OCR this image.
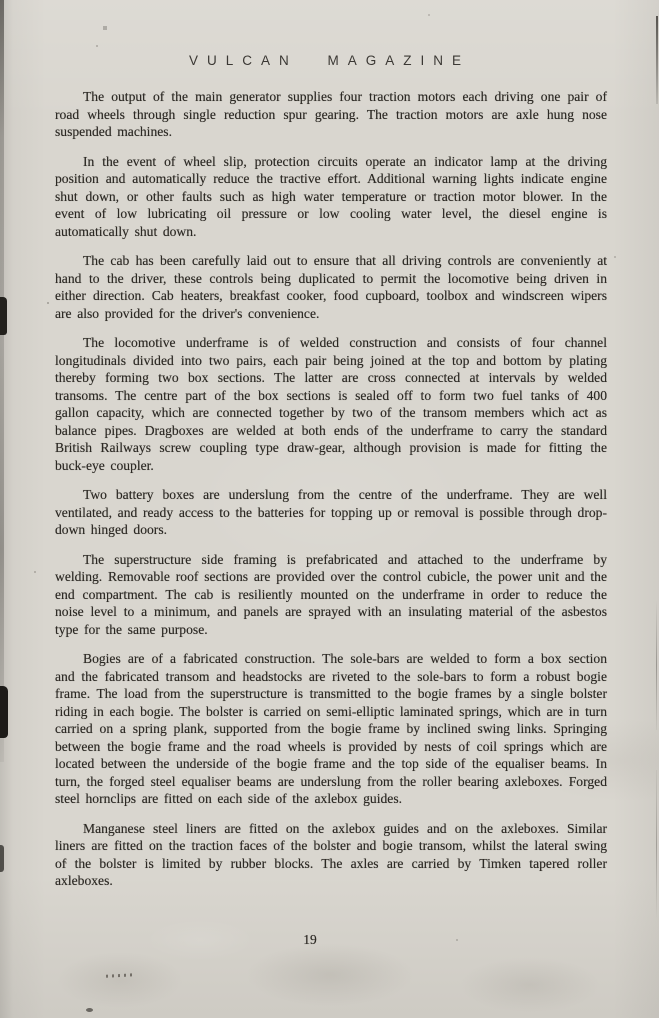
VULCAN MAGAZINE

The output of the main generator supplies four traction motors each driving one pair of road wheels through single reduction spur gearing. The traction motors are axle hung nose suspended machines.

In the event of wheel slip, protection circuits operate an indicator lamp at the driving position and automatically reduce the tractive effort. Additional warning lights indicate engine shut down, or other faults such as high water temperature or traction motor blower. In the event of low lubricating oil pressure or low cooling water level, the diesel engine is automatically shut down.

The cab has been carefully laid out to ensure that all driving controls are conveniently at hand to the driver, these controls being duplicated to permit the locomotive being driven in either direction. Cab heaters, breakfast cooker, food cupboard, toolbox and windscreen wipers are also provided for the driver's convenience.

The locomotive underframe is of welded construction and consists of four channel longitudinals divided into two pairs, each pair being joined at the top and bottom by plating thereby forming two box sections. The latter are cross connected at intervals by welded transoms. The centre part of the box sections is sealed off to form two fuel tanks of 400 gallon capacity, which are connected together by two of the transom members which act as balance pipes. Dragboxes are welded at both ends of the underframe to carry the standard British Railways screw coupling type draw-gear, although provision is made for fitting the buck-eye coupler.

Two battery boxes are underslung from the centre of the underframe. They are well ventilated, and ready access to the batteries for topping up or removal is possible through drop-down hinged doors.

The superstructure side framing is prefabricated and attached to the underframe by welding. Removable roof sections are provided over the control cubicle, the power unit and the end compartment. The cab is resiliently mounted on the underframe in order to reduce the noise level to a minimum, and panels are sprayed with an insulating material of the asbestos type for the same purpose.

Bogies are of a fabricated construction. The sole-bars are welded to form a box section and the fabricated transom and headstocks are riveted to the sole-bars to form a robust bogie frame. The load from the superstructure is transmitted to the bogie frames by a single bolster riding in each bogie. The bolster is carried on semi-elliptic laminated springs, which are in turn carried on a spring plank, supported from the bogie frame by inclined swing links. Springing between the bogie frame and the road wheels is provided by nests of coil springs which are located between the underside of the bogie frame and the top side of the equaliser beams. In turn, the forged steel equaliser beams are underslung from the roller bearing axleboxes. Forged steel hornclips are fitted on each side of the axlebox guides.

Manganese steel liners are fitted on the axlebox guides and on the axleboxes. Similar liners are fitted on the traction faces of the bolster and bogie transom, whilst the lateral swing of the bolster is limited by rubber blocks. The axles are carried by Timken tapered roller axleboxes.

19
